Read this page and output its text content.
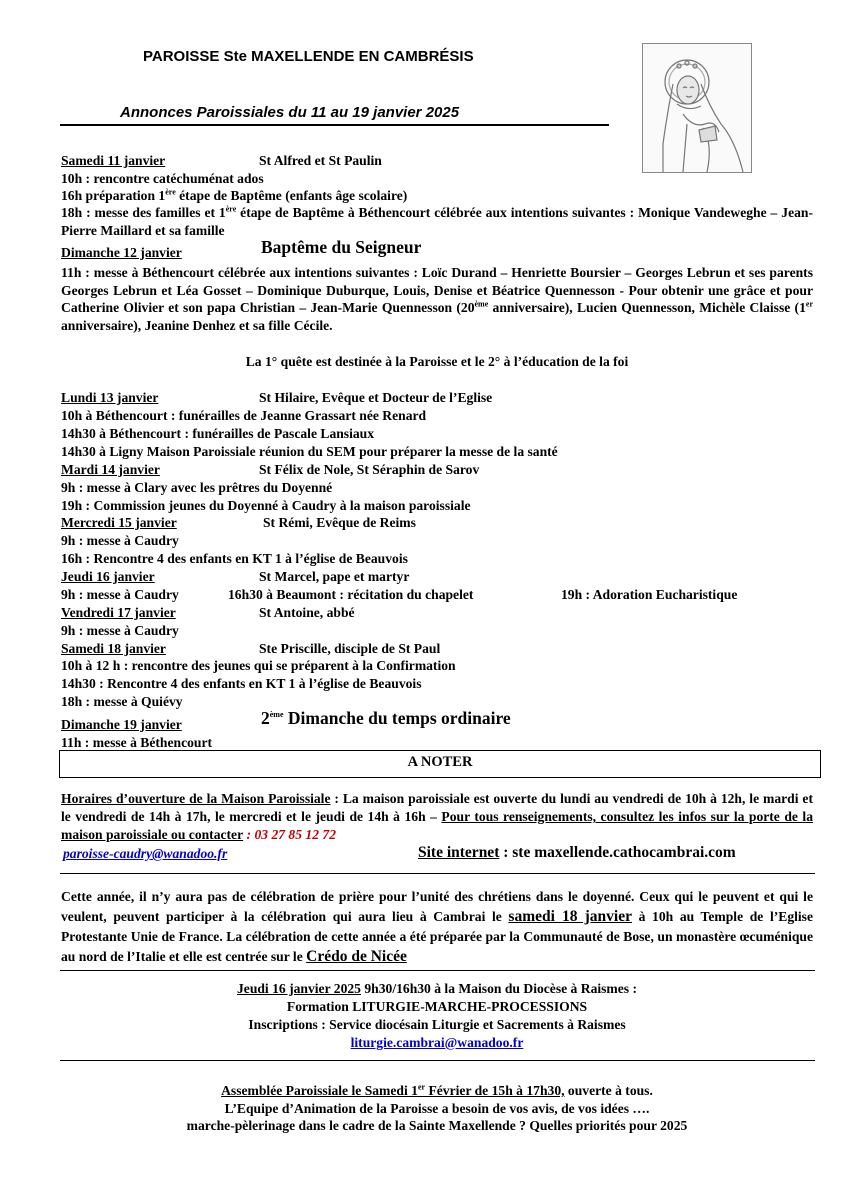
PAROISSE Ste MAXELLENDE EN CAMBRÉSIS
Annonces Paroissiales du 11 au 19 janvier 2025
Samedi 11 janvier	St Alfred et St Paulin
10h : rencontre catéchuménat ados
16h préparation 1ère étape de Baptême (enfants âge scolaire)
18h : messe des familles et 1ère étape de Baptême à Béthencourt célébrée aux intentions suivantes : Monique Vandeweghe – Jean-Pierre Maillard et sa famille
Dimanche 12 janvier	Baptême du Seigneur
11h : messe à Béthencourt célébrée aux intentions suivantes : Loïc Durand – Henriette Boursier – Georges Lebrun et ses parents Georges Lebrun et Léa Gosset – Dominique Duburque, Louis, Denise et Béatrice Quennesson - Pour obtenir une grâce et pour Catherine Olivier et son papa Christian – Jean-Marie Quennesson (20ème anniversaire), Lucien Quennesson, Michèle Claisse (1er anniversaire), Jeanine Denhez et sa fille Cécile.
La 1° quête est destinée à la Paroisse et le 2° à l’éducation de la foi
Lundi 13 janvier	St Hilaire, Evêque et Docteur de l’Eglise
10h à Béthencourt : funérailles de Jeanne Grassart née Renard
14h30 à Béthencourt : funérailles de Pascale Lansiaux
14h30 à Ligny Maison Paroissiale réunion du SEM pour préparer la messe de la santé
Mardi 14 janvier	St Félix de Nole, St Séraphin de Sarov
9h : messe à Clary avec les prêtres du Doyenné
19h : Commission jeunes du Doyenné à Caudry à la maison paroissiale
Mercredi 15 janvier	St Rémi, Evêque de Reims
9h : messe à Caudry
16h : Rencontre 4 des enfants en KT 1 à l’église de Beauvois
Jeudi 16 janvier	St Marcel, pape et martyr
9h : messe à Caudry	16h30 à Beaumont : récitation du chapelet	19h : Adoration Eucharistique
Vendredi 17 janvier	St Antoine, abbé
9h : messe à Caudry
Samedi 18 janvier	Ste Priscille, disciple de St Paul
10h à 12 h : rencontre des jeunes qui se préparent à la Confirmation
14h30 : Rencontre 4 des enfants en KT 1 à l’église de Beauvois
18h : messe à Quiévy
Dimanche 19 janvier	2ème Dimanche du temps ordinaire
11h : messe à Béthencourt
A NOTER
Horaires d’ouverture de la Maison Paroissiale : La maison paroissiale est ouverte du lundi au vendredi de 10h à 12h, le mardi et le vendredi de 14h à 17h, le mercredi et le jeudi de 14h à 16h – Pour tous renseignements, consultez les infos sur la porte de la maison paroissiale ou contacter : 03 27 85 12 72
paroisse-caudry@wanadoo.fr	Site internet : ste maxellende.cathocambrai.com
Cette année, il n’y aura pas de célébration de prière pour l’unité des chrétiens dans le doyenné. Ceux qui le peuvent et qui le veulent, peuvent participer à la célébration qui aura lieu à Cambrai le samedi 18 janvier à 10h au Temple de l’Eglise Protestante Unie de France. La célébration de cette année a été préparée par la Communauté de Bose, un monastère œcuménique au nord de l’Italie et elle est centrée sur le Crédo de Nicée
Jeudi 16 janvier 2025 9h30/16h30 à la Maison du Diocèse à Raismes :
Formation LITURGIE-MARCHE-PROCESSIONS
Inscriptions : Service diocésain Liturgie et Sacrements à Raismes
liturgie.cambrai@wanadoo.fr
Assemblée Paroissiale le Samedi 1er Février de 15h à 17h30, ouverte à tous.
L’Equipe d’Animation de la Paroisse a besoin de vos avis, de vos idées ….
marche-pèlerinage dans le cadre de la Sainte Maxellende ? Quelles priorités pour 2025
